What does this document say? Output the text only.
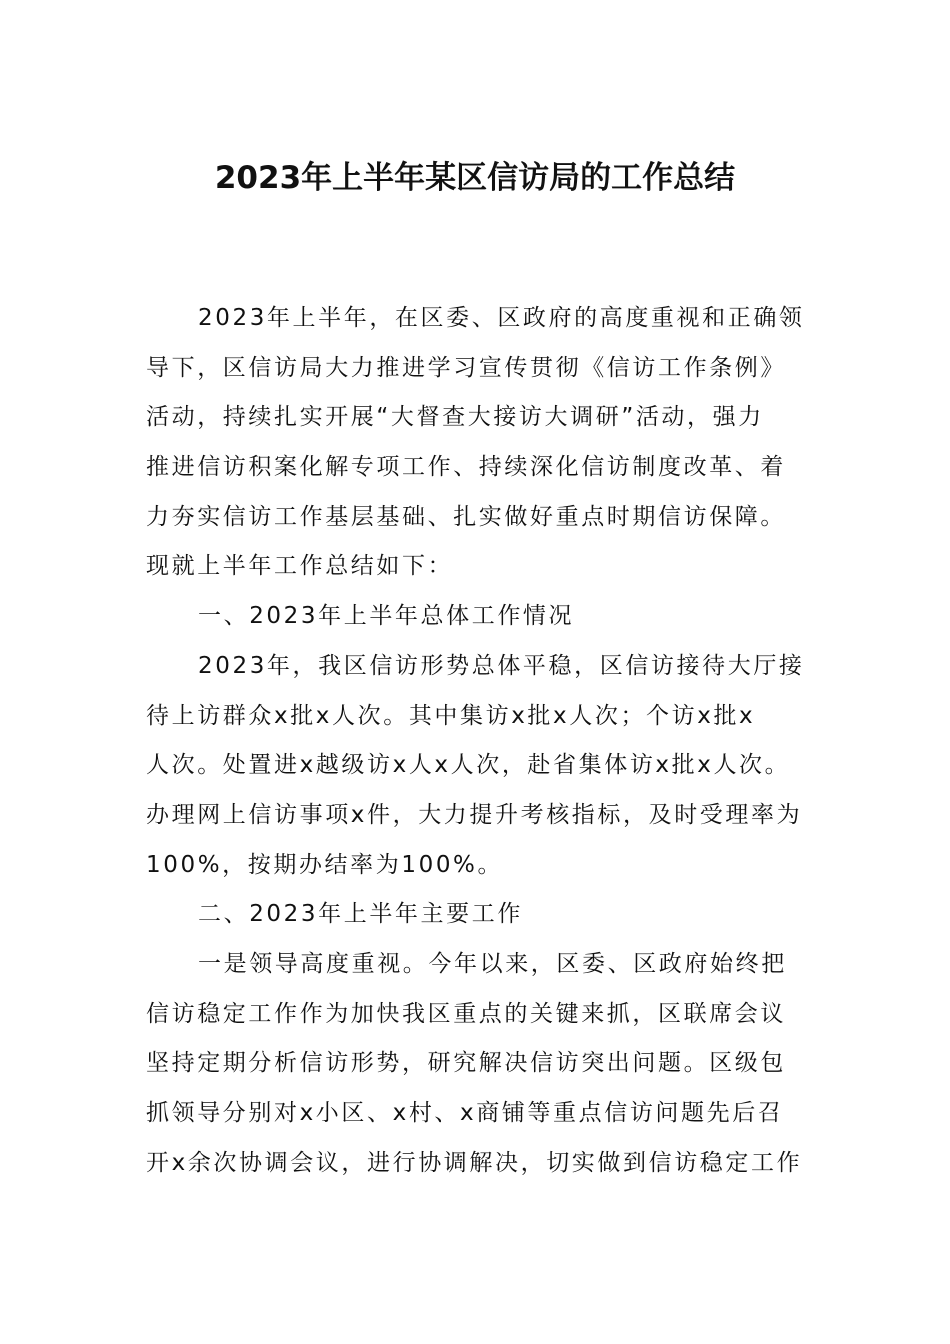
2023年上半年某区信访局的工作总结
2023年上半年，在区委、区政府的高度重视和正确领
导下，区信访局大力推进学习宣传贯彻《信访工作条例》
活动，持续扎实开展“大督查大接访大调研”活动，强力
推进信访积案化解专项工作、持续深化信访制度改革、着
力夯实信访工作基层基础、扎实做好重点时期信访保障。
现就上半年工作总结如下：
一、2023年上半年总体工作情况
2023年，我区信访形势总体平稳，区信访接待大厅接
待上访群众x批x人次。其中集访x批x人次；个访x批x
人次。处置进x越级访x人x人次，赴省集体访x批x人次。
办理网上信访事项x件，大力提升考核指标，及时受理率为
100%，按期办结率为100%。
二、2023年上半年主要工作
一是领导高度重视。今年以来，区委、区政府始终把
信访稳定工作作为加快我区重点的关键来抓，区联席会议
坚持定期分析信访形势，研究解决信访突出问题。区级包
抓领导分别对x小区、x村、x商铺等重点信访问题先后召
开x余次协调会议，进行协调解决，切实做到信访稳定工作
